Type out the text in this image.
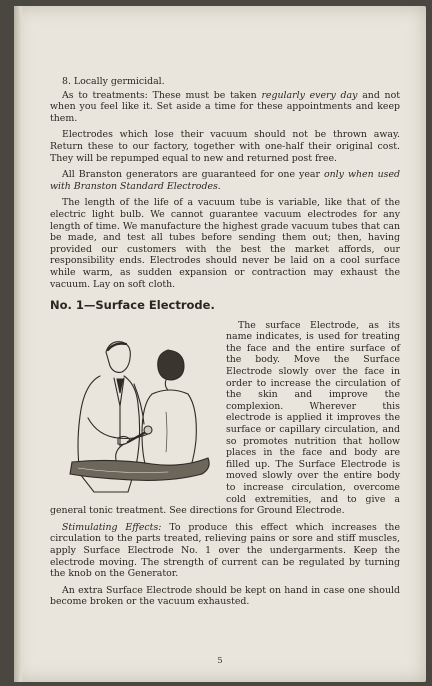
8. Locally germicidal.

As to treatments: These must be taken regularly every day and not when you feel like it. Set aside a time for these appointments and keep them.

Electrodes which lose their vacuum should not be thrown away. Return these to our factory, together with one-half their original cost. They will be repumped equal to new and returned post free.

All Branston generators are guaranteed for one year only when used with Branston Standard Electrodes.

The length of the life of a vacuum tube is variable, like that of the electric light bulb. We cannot guarantee vacuum electrodes for any length of time. We manufacture the highest grade vacuum tubes that can be made, and test all tubes before sending them out; then, having provided our customers with the best the market affords, our responsibility ends. Electrodes should never be laid on a cool surface while warm, as sudden expansion or contraction may exhaust the vacuum. Lay on soft cloth.

No. 1—Surface Electrode.

The surface Electrode, as its name indicates, is used for treating the face and the entire surface of the body. Move the Surface Electrode slowly over the face in order to increase the circulation of the skin and improve the complexion. Wherever this electrode is applied it improves the surface or capillary circulation, and so promotes nutrition that hollow places in the face and body are filled up. The Surface Electrode is moved slowly over the entire body to increase circulation, overcome cold extremities, and to give a general tonic treatment. See directions for Ground Electrode.

Stimulating Effects: To produce this effect which increases the circulation to the parts treated, relieving pains or sore and stiff muscles, apply Surface Electrode No. 1 over the undergarments. Keep the electrode moving. The strength of current can be regulated by turning the knob on the Generator.

An extra Surface Electrode should be kept on hand in case one should become broken or the vacuum exhausted.

5
